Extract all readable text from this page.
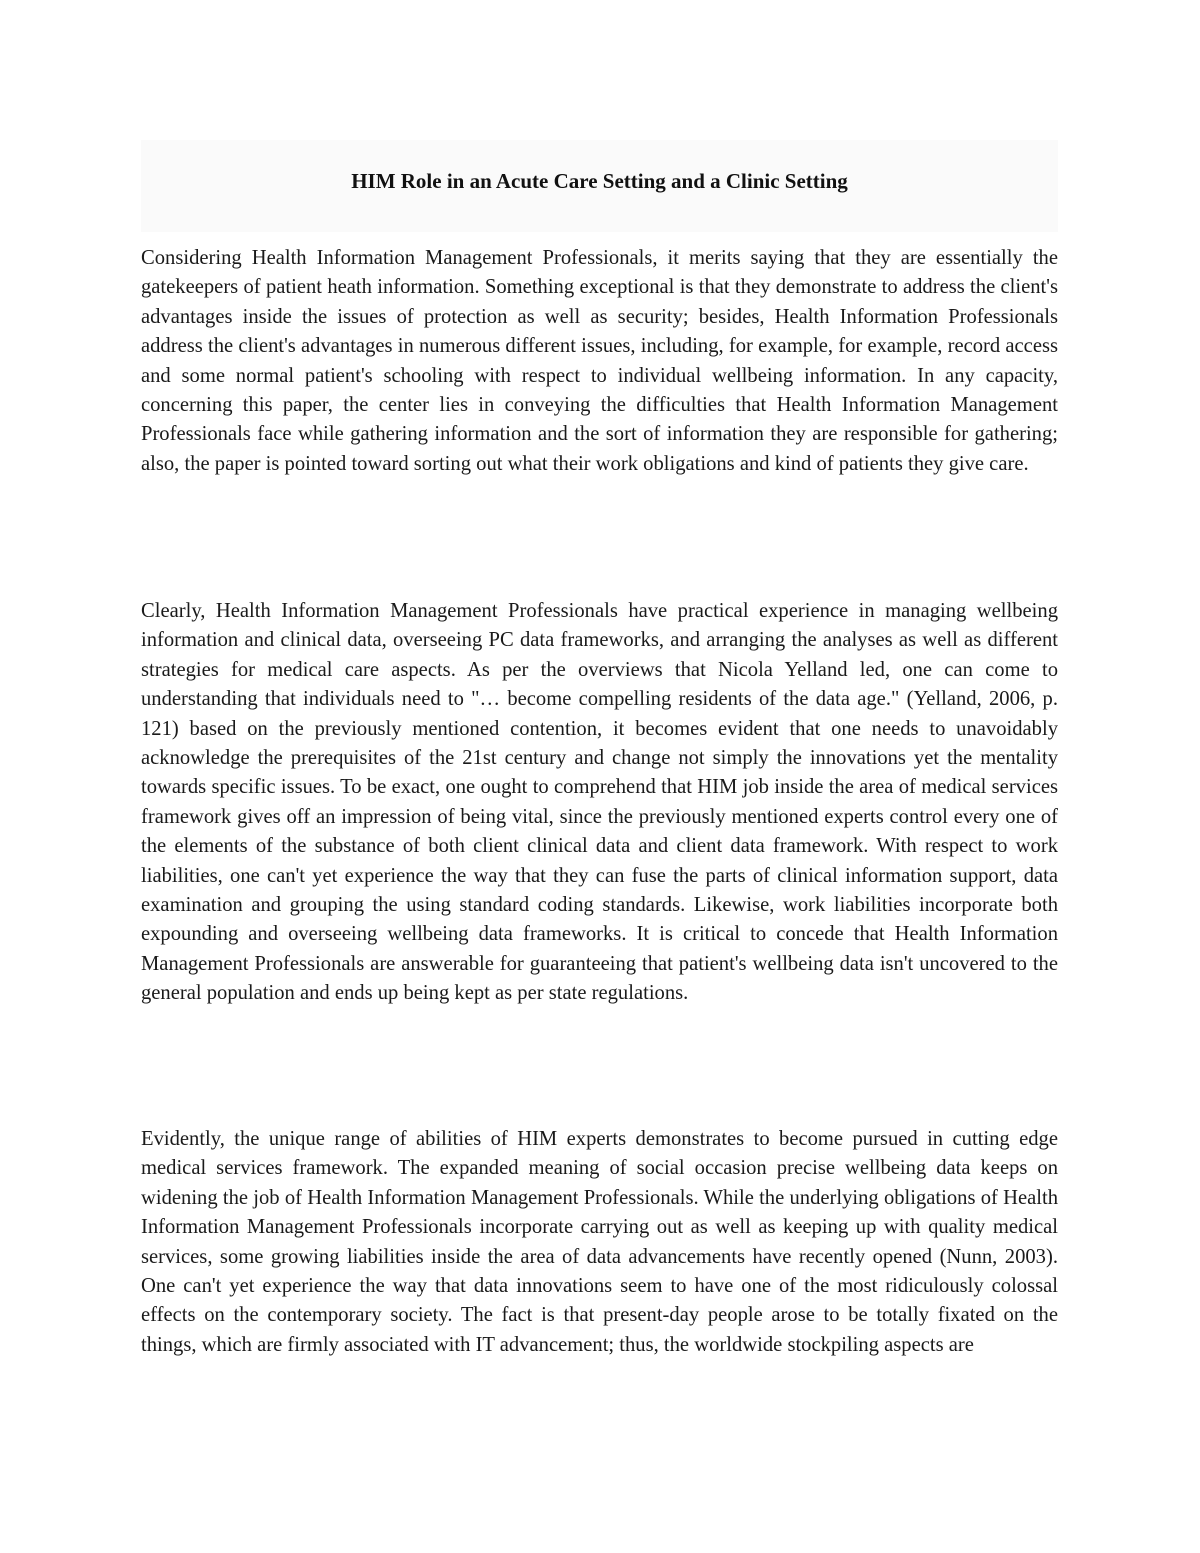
HIM Role in an Acute Care Setting and a Clinic Setting

Considering Health Information Management Professionals, it merits saying that they are essentially the gatekeepers of patient heath information. Something exceptional is that they demonstrate to address the client's advantages inside the issues of protection as well as security; besides, Health Information Professionals address the client's advantages in numerous different issues, including, for example, for example, record access and some normal patient's schooling with respect to individual wellbeing information. In any capacity, concerning this paper, the center lies in conveying the difficulties that Health Information Management Professionals face while gathering information and the sort of information they are responsible for gathering; also, the paper is pointed toward sorting out what their work obligations and kind of patients they give care.

Clearly, Health Information Management Professionals have practical experience in managing wellbeing information and clinical data, overseeing PC data frameworks, and arranging the analyses as well as different strategies for medical care aspects. As per the overviews that Nicola Yelland led, one can come to understanding that individuals need to "… become compelling residents of the data age." (Yelland, 2006, p. 121) based on the previously mentioned contention, it becomes evident that one needs to unavoidably acknowledge the prerequisites of the 21st century and change not simply the innovations yet the mentality towards specific issues. To be exact, one ought to comprehend that HIM job inside the area of medical services framework gives off an impression of being vital, since the previously mentioned experts control every one of the elements of the substance of both client clinical data and client data framework. With respect to work liabilities, one can't yet experience the way that they can fuse the parts of clinical information support, data examination and grouping the using standard coding standards. Likewise, work liabilities incorporate both expounding and overseeing wellbeing data frameworks. It is critical to concede that Health Information Management Professionals are answerable for guaranteeing that patient's wellbeing data isn't uncovered to the general population and ends up being kept as per state regulations.

Evidently, the unique range of abilities of HIM experts demonstrates to become pursued in cutting edge medical services framework. The expanded meaning of social occasion precise wellbeing data keeps on widening the job of Health Information Management Professionals. While the underlying obligations of Health Information Management Professionals incorporate carrying out as well as keeping up with quality medical services, some growing liabilities inside the area of data advancements have recently opened (Nunn, 2003). One can't yet experience the way that data innovations seem to have one of the most ridiculously colossal effects on the contemporary society. The fact is that present-day people arose to be totally fixated on the things, which are firmly associated with IT advancement; thus, the worldwide stockpiling aspects are
